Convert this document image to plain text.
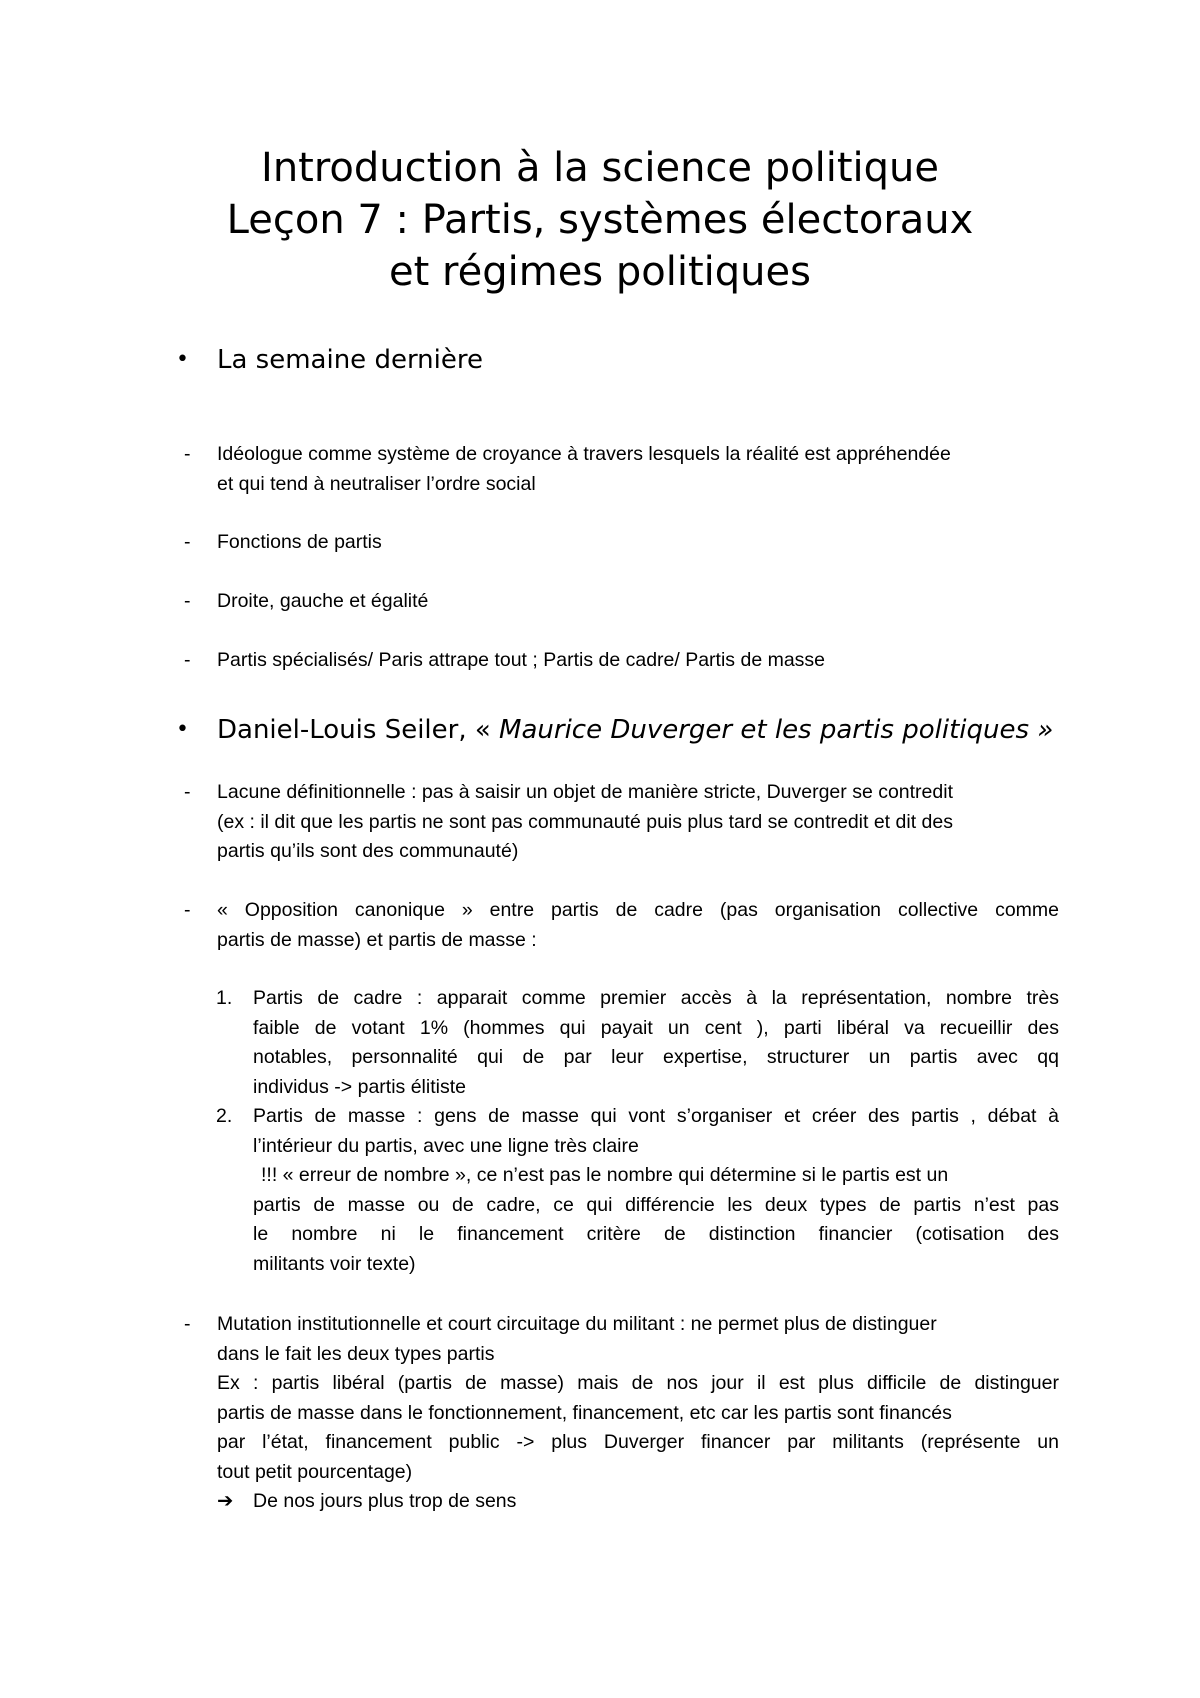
Introduction à la science politique
Leçon 7 : Partis, systèmes électoraux
et régimes politiques
• La semaine dernière
- Idéologue comme système de croyance à travers lesquels la réalité est appréhendée
et qui tend à neutraliser l’ordre social
- Fonctions de partis
- Droite, gauche et égalité
- Partis spécialisés/ Paris attrape tout ; Partis de cadre/ Partis de masse
• Daniel-Louis Seiler, « Maurice Duverger et les partis politiques »
- Lacune définitionnelle : pas à saisir un objet de manière stricte, Duverger se contredit
(ex : il dit que les partis ne sont pas communauté puis plus tard se contredit et dit des
partis qu’ils sont des communauté)
- « Opposition canonique » entre partis de cadre (pas organisation collective comme
partis de masse) et partis de masse :
1. Partis de cadre : apparait comme premier accès à la représentation, nombre très
faible de votant 1% (hommes qui payait un cent ), parti libéral va recueillir des
notables, personnalité qui de par leur expertise, structurer un partis avec qq
individus -> partis élitiste
2. Partis de masse : gens de masse qui vont s’organiser et créer des partis , débat à
l’intérieur du partis, avec une ligne très claire
!!! « erreur de nombre », ce n’est pas le nombre qui détermine si le partis est un
partis de masse ou de cadre, ce qui différencie les deux types de partis n’est pas
le nombre ni le financement critère de distinction financier (cotisation des
militants voir texte)
- Mutation institutionnelle et court circuitage du militant : ne permet plus de distinguer
dans le fait les deux types partis
Ex : partis libéral (partis de masse) mais de nos jour il est plus difficile de distinguer
partis de masse dans le fonctionnement, financement, etc car les partis sont financés
par l’état, financement public -> plus Duverger financer par militants (représente un
tout petit pourcentage)
➔ De nos jours plus trop de sens
